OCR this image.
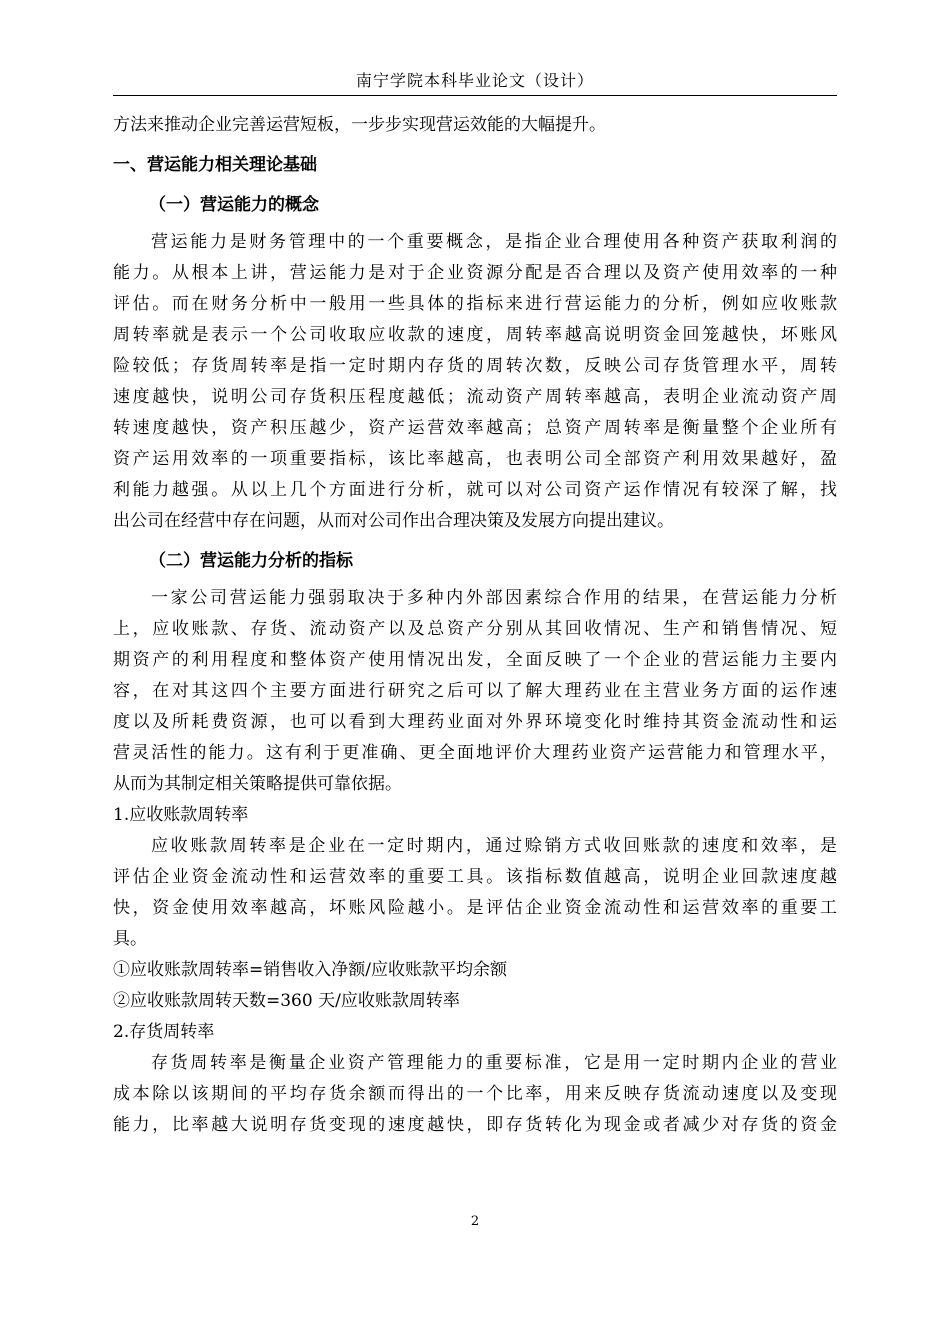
南宁学院本科毕业论文（设计）
方法来推动企业完善运营短板，一步步实现营运效能的大幅提升。
一、营运能力相关理论基础
（一）营运能力的概念
营运能力是财务管理中的一个重要概念，是指企业合理使用各种资产获取利润的
能力。从根本上讲，营运能力是对于企业资源分配是否合理以及资产使用效率的一种
评估。而在财务分析中一般用一些具体的指标来进行营运能力的分析，例如应收账款
周转率就是表示一个公司收取应收款的速度，周转率越高说明资金回笼越快，坏账风
险较低；存货周转率是指一定时期内存货的周转次数，反映公司存货管理水平，周转
速度越快，说明公司存货积压程度越低；流动资产周转率越高，表明企业流动资产周
转速度越快，资产积压越少，资产运营效率越高；总资产周转率是衡量整个企业所有
资产运用效率的一项重要指标，该比率越高，也表明公司全部资产利用效果越好，盈
利能力越强。从以上几个方面进行分析，就可以对公司资产运作情况有较深了解，找
出公司在经营中存在问题，从而对公司作出合理决策及发展方向提出建议。
（二）营运能力分析的指标
一家公司营运能力强弱取决于多种内外部因素综合作用的结果，在营运能力分析
上，应收账款、存货、流动资产以及总资产分别从其回收情况、生产和销售情况、短
期资产的利用程度和整体资产使用情况出发，全面反映了一个企业的营运能力主要内
容，在对其这四个主要方面进行研究之后可以了解大理药业在主营业务方面的运作速
度以及所耗费资源，也可以看到大理药业面对外界环境变化时维持其资金流动性和运
营灵活性的能力。这有利于更准确、更全面地评价大理药业资产运营能力和管理水平，
从而为其制定相关策略提供可靠依据。
1.应收账款周转率
应收账款周转率是企业在一定时期内，通过赊销方式收回账款的速度和效率，是
评估企业资金流动性和运营效率的重要工具。该指标数值越高，说明企业回款速度越
快，资金使用效率越高，坏账风险越小。是评估企业资金流动性和运营效率的重要工
具。
①应收账款周转率=销售收入净额/应收账款平均余额
②应收账款周转天数=360 天/应收账款周转率
2.存货周转率
存货周转率是衡量企业资产管理能力的重要标准，它是用一定时期内企业的营业
成本除以该期间的平均存货余额而得出的一个比率，用来反映存货流动速度以及变现
能力，比率越大说明存货变现的速度越快，即存货转化为现金或者减少对存货的资金
2
